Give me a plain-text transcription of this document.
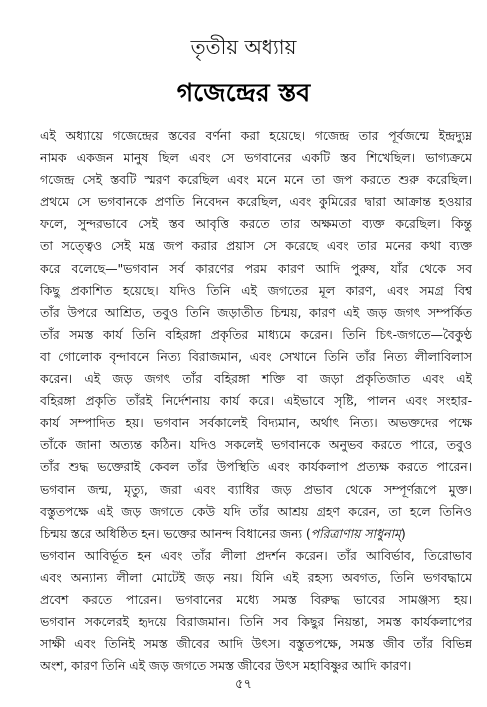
তৃতীয় অধ্যায়
গজেন্দ্রের স্তব
এই অধ্যায়ে গজেন্দ্রের স্তবের বর্ণনা করা হয়েছে। গজেন্দ্র তার পূর্বজন্মে ইন্দ্রদ্যুম্ন
নামক একজন মানুষ ছিল এবং সে ভগবানের একটি স্তব শিখেছিল। ভাগ্যক্রমে
গজেন্দ্র সেই স্তবটি স্মরণ করেছিল এবং মনে মনে তা জপ করতে শুরু করেছিল।
প্রথমে সে ভগবানকে প্রণতি নিবেদন করেছিল, এবং কুমিরের দ্বারা আক্রান্ত হওয়ার
ফলে, সুন্দরভাবে সেই স্তব আবৃত্তি করতে তার অক্ষমতা ব্যক্ত করেছিল। কিন্তু
তা সত্ত্বেও সেই মন্ত্র জপ করার প্রয়াস সে করেছে এবং তার মনের কথা ব্যক্ত
করে বলেছে—"ভগবান সর্ব কারণের পরম কারণ আদি পুরুষ, যাঁর থেকে সব
কিছু প্রকাশিত হয়েছে। যদিও তিনি এই জগতের মূল কারণ, এবং সমগ্র বিশ্ব
তাঁর উপরে আশ্রিত, তবুও তিনি জড়াতীত চিন্ময়, কারণ এই জড় জগৎ সম্পর্কিত
তাঁর সমস্ত কার্য তিনি বহিরঙ্গা প্রকৃতির মাধ্যমে করেন। তিনি চিৎ-জগতে—বৈকুণ্ঠ
বা গোলোক বৃন্দাবনে নিত্য বিরাজমান, এবং সেখানে তিনি তাঁর নিত্য লীলাবিলাস
করেন। এই জড় জগৎ তাঁর বহিরঙ্গা শক্তি বা জড়া প্রকৃতিজাত এবং এই
বহিরঙ্গা প্রকৃতি তাঁরই নির্দেশনায় কার্য করে। এইভাবে সৃষ্টি, পালন এবং সংহার-
কার্য সম্পাদিত হয়। ভগবান সর্বকালেই বিদ্যমান, অর্থাৎ নিত্য। অভক্তদের পক্ষে
তাঁকে জানা অত্যন্ত কঠিন। যদিও সকলেই ভগবানকে অনুভব করতে পারে, তবুও
তাঁর শুদ্ধ ভক্তেরাই কেবল তাঁর উপস্থিতি এবং কার্যকলাপ প্রত্যক্ষ করতে পারেন।
ভগবান জন্ম, মৃত্যু, জরা এবং ব্যাধির জড় প্রভাব থেকে সম্পূর্ণরূপে মুক্ত।
বস্তুতপক্ষে এই জড় জগতে কেউ যদি তাঁর আশ্রয় গ্রহণ করেন, তা হলে তিনিও
চিন্ময় স্তরে অধিষ্ঠিত হন। ভক্তের আনন্দ বিধানের জন্য (পরিত্রাণায় সাধুনাম্)
ভগবান আবির্ভূত হন এবং তাঁর লীলা প্রদর্শন করেন। তাঁর আবির্ভাব, তিরোভাব
এবং অন্যান্য লীলা মোটেই জড় নয়। যিনি এই রহস্য অবগত, তিনি ভগবদ্ধামে
প্রবেশ করতে পারেন। ভগবানের মধ্যে সমস্ত বিরুদ্ধ ভাবের সামঞ্জস্য হয়।
ভগবান সকলেরই হৃদয়ে বিরাজমান। তিনি সব কিছুর নিয়ন্তা, সমস্ত কার্যকলাপের
সাক্ষী এবং তিনিই সমস্ত জীবের আদি উৎস। বস্তুতপক্ষে, সমস্ত জীব তাঁর বিভিন্ন
অংশ, কারণ তিনি এই জড় জগতে সমস্ত জীবের উৎস মহাবিষ্ণুর আদি কারণ।
৫৭
